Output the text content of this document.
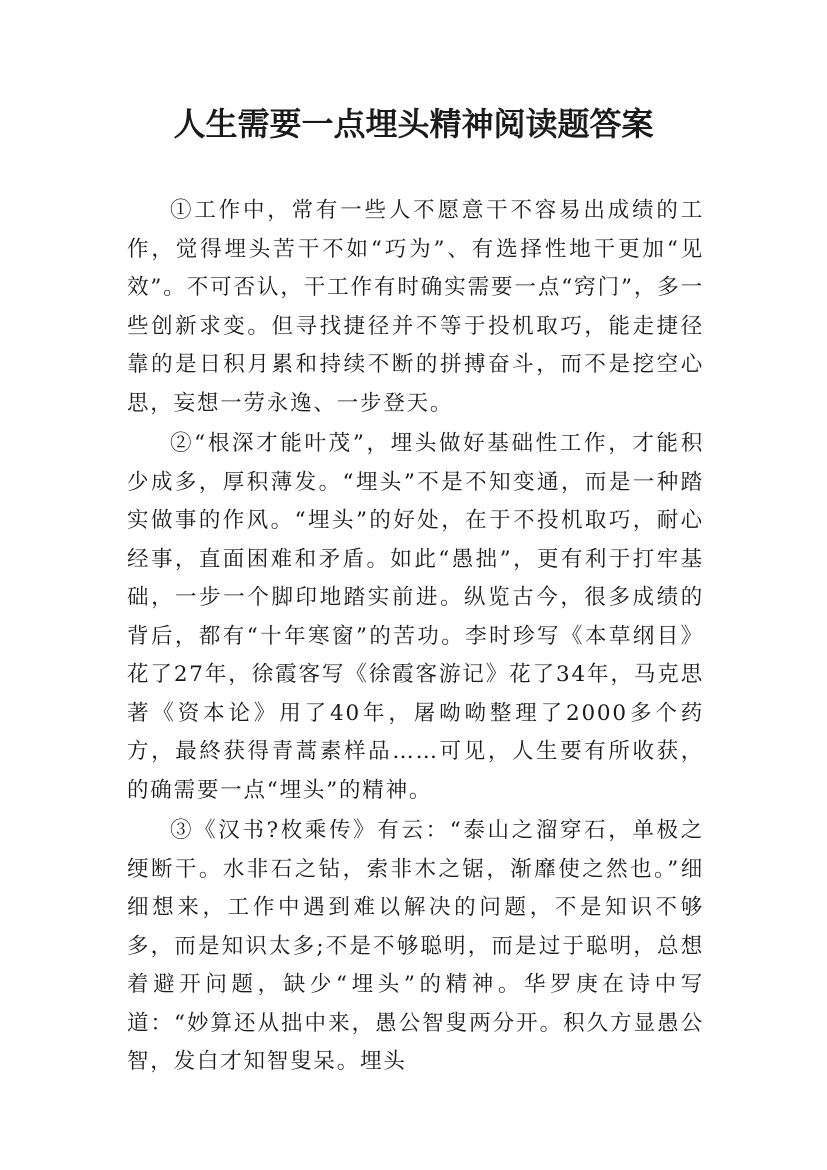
人生需要一点埋头精神阅读题答案

①工作中，常有一些人不愿意干不容易出成绩的工作，觉得埋头苦干不如“巧为”、有选择性地干更加“见效”。不可否认，干工作有时确实需要一点“窍门”，多一些创新求变。但寻找捷径并不等于投机取巧，能走捷径靠的是日积月累和持续不断的拼搏奋斗，而不是挖空心思，妄想一劳永逸、一步登天。

②“根深才能叶茂”，埋头做好基础性工作，才能积少成多，厚积薄发。“埋头”不是不知变通，而是一种踏实做事的作风。“埋头”的好处，在于不投机取巧，耐心经事，直面困难和矛盾。如此“愚拙”，更有利于打牢基础，一步一个脚印地踏实前进。纵览古今，很多成绩的背后，都有“十年寒窗”的苦功。李时珍写《本草纲目》花了27年，徐霞客写《徐霞客游记》花了34年，马克思著《资本论》用了40年，屠呦呦整理了2000多个药方，最終获得青蒿素样品……可见，人生要有所收获，的确需要一点“埋头”的精神。

③《汉书?枚乘传》有云：“泰山之溜穿石，单极之绠断干。水非石之钻，索非木之锯，渐靡使之然也。”细细想来，工作中遇到难以解决的问题，不是知识不够多，而是知识太多;不是不够聪明，而是过于聪明，总想着避开问题，缺少“埋头”的精神。华罗庚在诗中写道：“妙算还从拙中来，愚公智叟两分开。积久方显愚公智，发白才知智叟呆。埋头
